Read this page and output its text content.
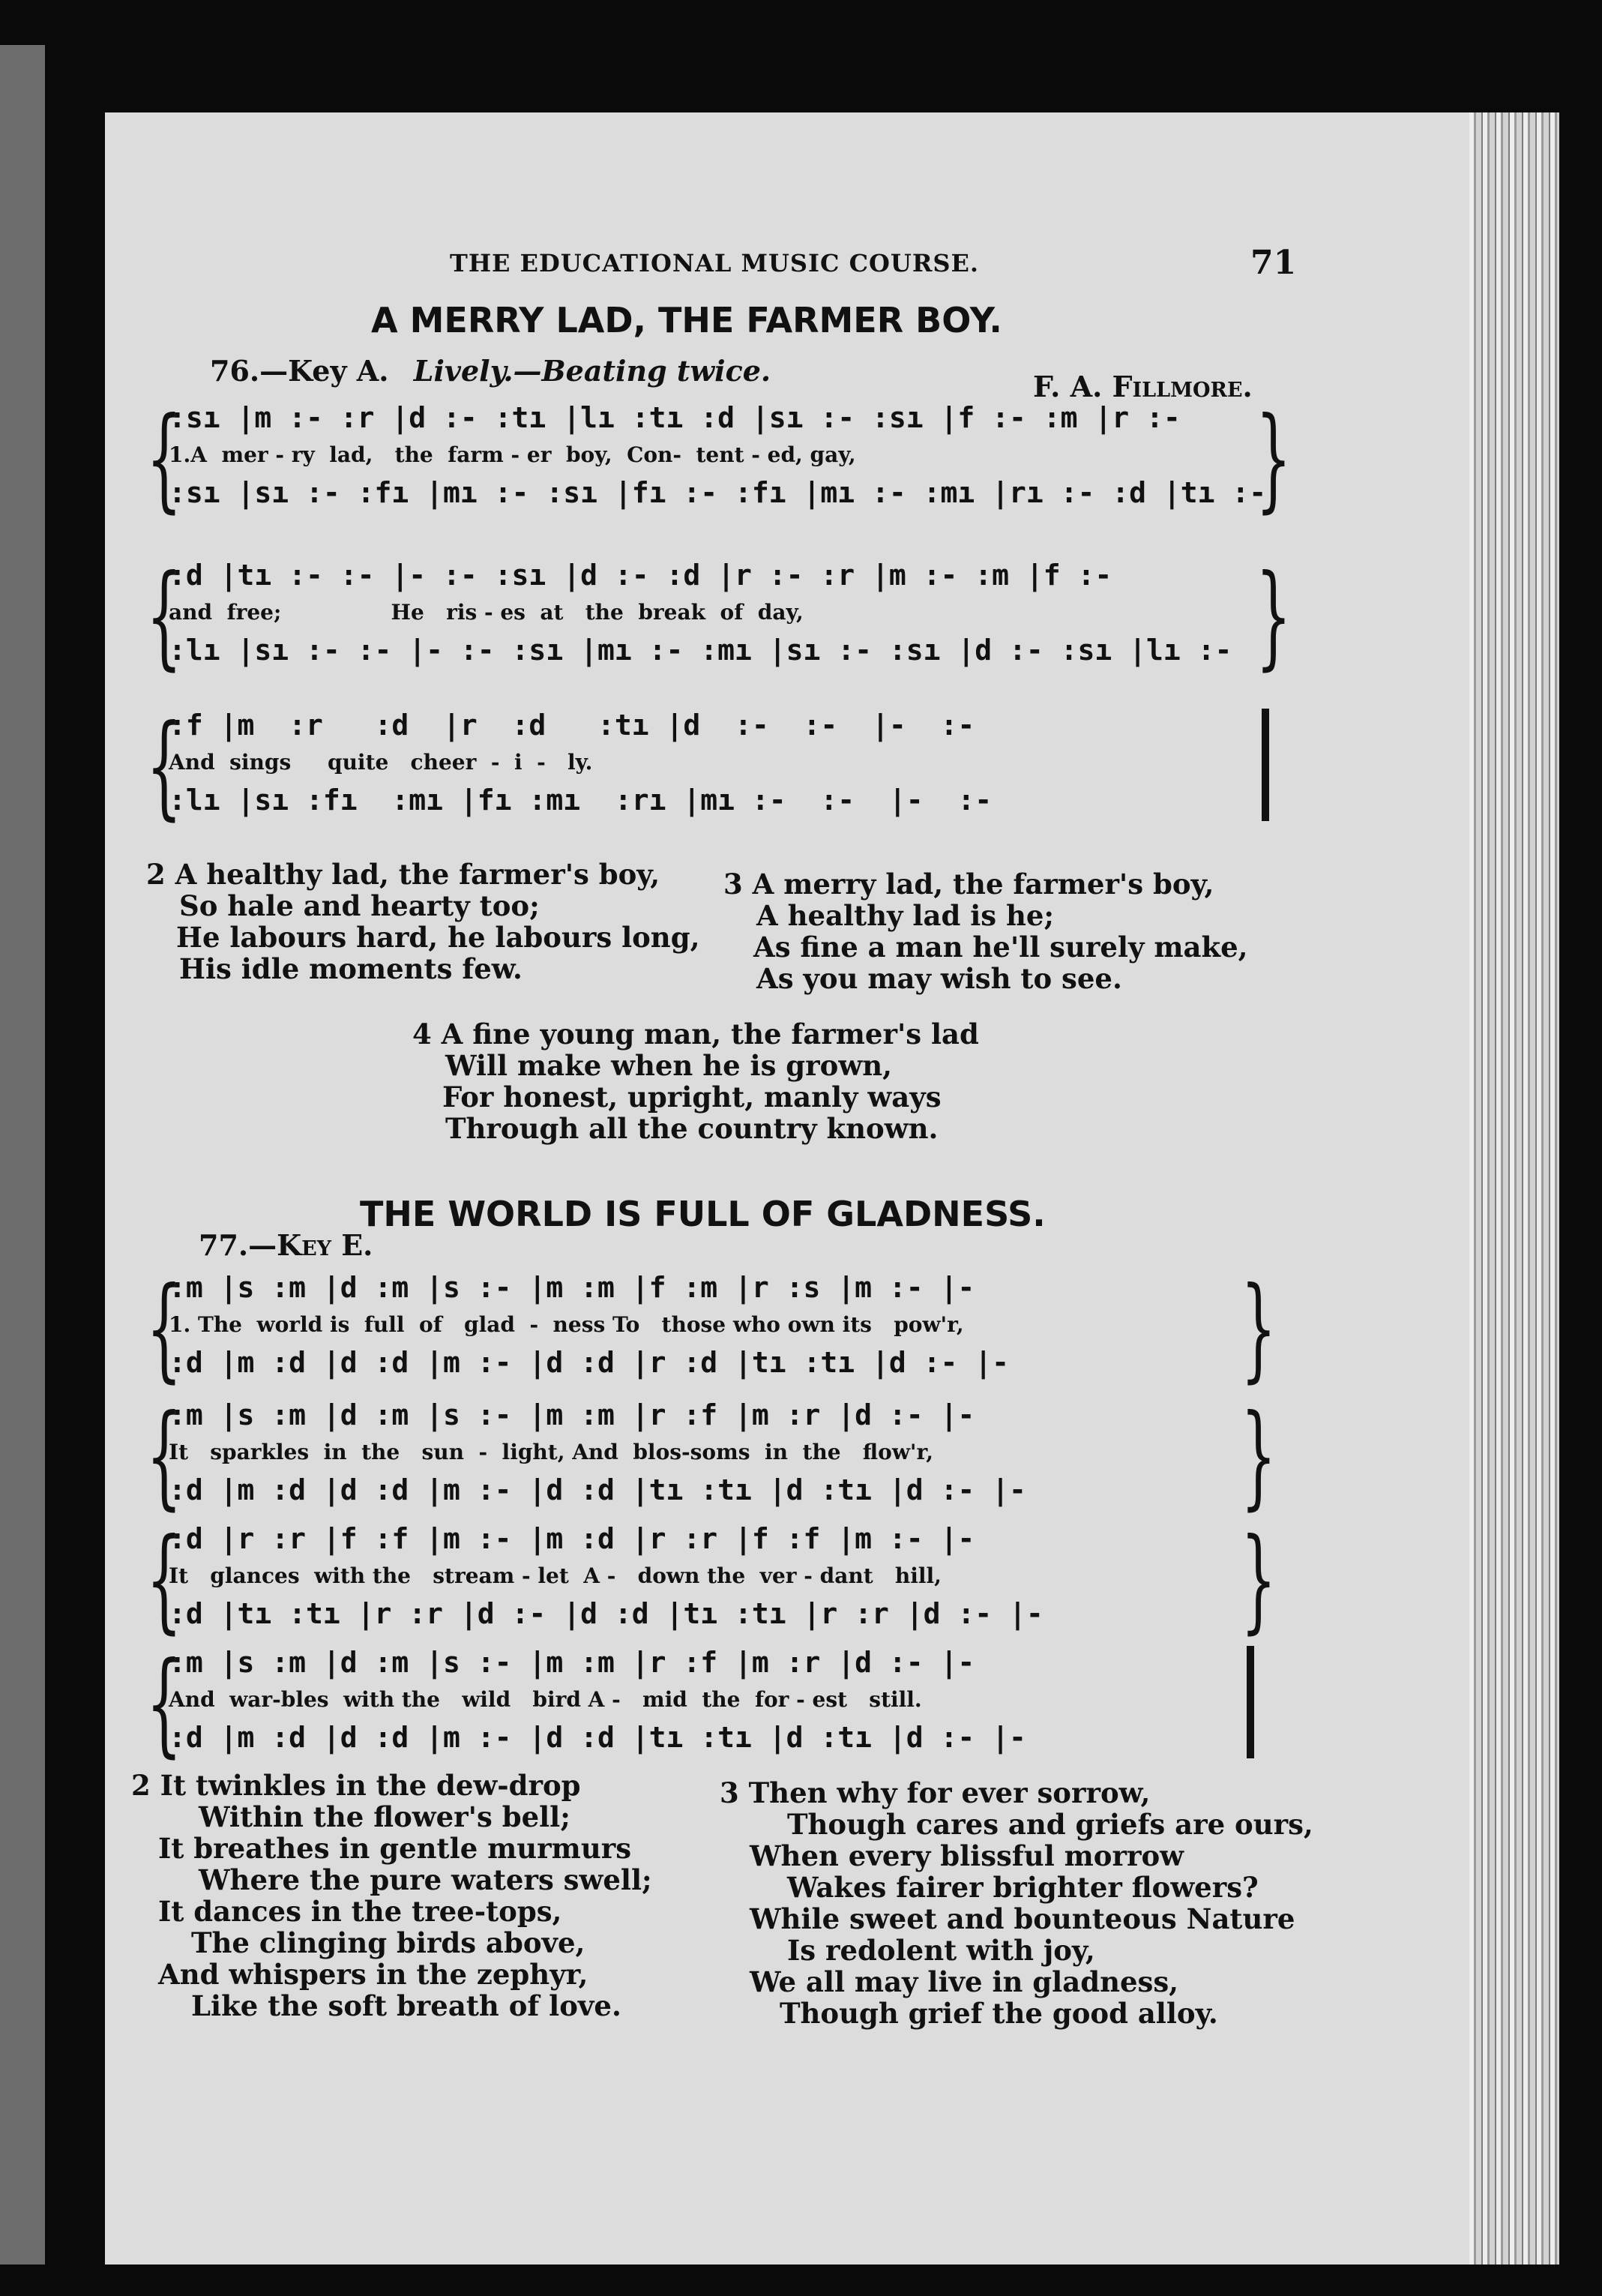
THE EDUCATIONAL MUSIC COURSE.	71
A MERRY LAD, THE FARMER BOY.
76.—Key A. Lively.—Beating twice.	F. A. Fillmore.
{
:sı |m :- :r |d :- :tı |lı :tı :d |sı :- :sı |f :- :m |r :-
1.A  mer - ry  lad,   the  farm - er  boy,  Con-  tent - ed, gay,
:sı |sı :- :fı |mı :- :sı |fı :- :fı |mı :- :mı |rı :- :d |tı :-
}
{
:d |tı :- :- |- :- :sı |d :- :d |r :- :r |m :- :m |f :-
and  free;               He   ris - es  at   the  break  of  day,
:lı |sı :- :- |- :- :sı |mı :- :mı |sı :- :sı |d :- :sı |lı :- }
{
:f |m  :r   :d  |r  :d   :tı |d  :-  :-  |-  :-
And  sings     quite   cheer  -  i  -   ly.
:lı |sı :fı  :mı |fı :mı  :rı |mı :-  :-  |-  :-
2 A healthy lad, the farmer's boy,
So hale and hearty too;
He labours hard, he labours long,
His idle moments few.
3 A merry lad, the farmer's boy,
A healthy lad is he;
As fine a man he'll surely make,
As you may wish to see.
4 A fine young man, the farmer's lad
Will make when he is grown,
For honest, upright, manly ways
Through all the country known.
THE WORLD IS FULL OF GLADNESS.
77.—Key E.
{
:m |s :m |d :m |s :- |m :m |f :m |r :s |m :- |-
1. The  world is  full  of   glad  -  ness To   those who own its   pow'r,
:d |m :d |d :d |m :- |d :d |r :d |tı :tı |d :- |- }
{
:m |s :m |d :m |s :- |m :m |r :f |m :r |d :- |-
It   sparkles  in  the   sun  -  light, And  blos-soms  in  the   flow'r,
:d |m :d |d :d |m :- |d :d |tı :tı |d :tı |d :- |- }
{
:d |r :r |f :f |m :- |m :d |r :r |f :f |m :- |-
It   glances  with the   stream - let  A -   down the  ver - dant   hill,
:d |tı :tı |r :r |d :- |d :d |tı :tı |r :r |d :- |- }
{
:m |s :m |d :m |s :- |m :m |r :f |m :r |d :- |-
And  war-bles  with the   wild   bird A -   mid  the  for - est   still.
:d |m :d |d :d |m :- |d :d |tı :tı |d :tı |d :- |-
2 It twinkles in the dew-drop
Within the flower's bell;
It breathes in gentle murmurs
Where the pure waters swell;
It dances in the tree-tops,
The clinging birds above,
And whispers in the zephyr,
Like the soft breath of love.
3 Then why for ever sorrow,
Though cares and griefs are ours,
When every blissful morrow
Wakes fairer brighter flowers?
While sweet and bounteous Nature
Is redolent with joy,
We all may live in gladness,
Though grief the good alloy.
